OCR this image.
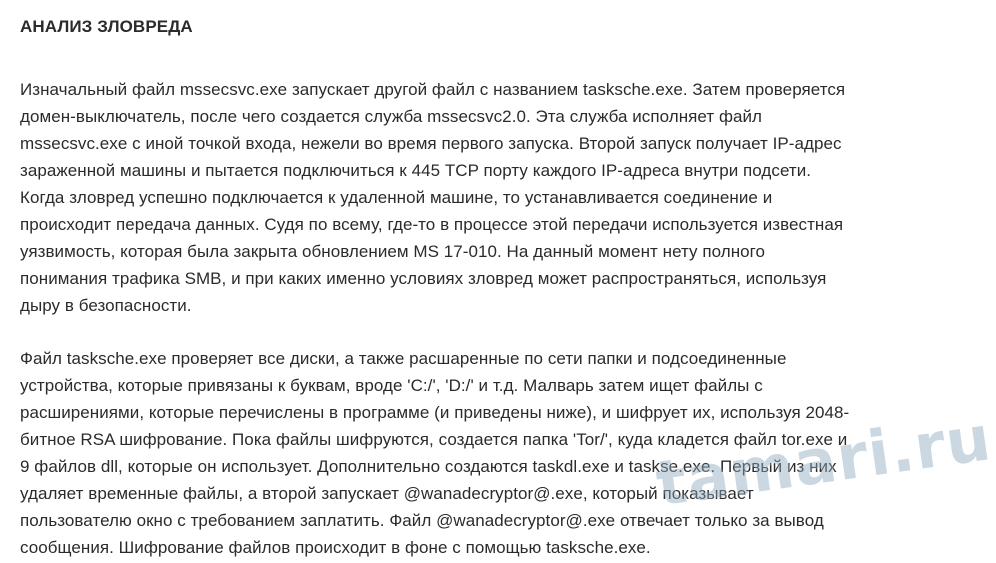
АНАЛИЗ ЗЛОВРЕДА

Изначальный файл mssecsvc.exe запускает другой файл с названием tasksche.exe. Затем проверяется
домен-выключатель, после чего создается служба mssecsvc2.0. Эта служба исполняет файл
mssecsvc.exe с иной точкой входа, нежели во время первого запуска. Второй запуск получает IP-адрес
зараженной машины и пытается подключиться к 445 TCP порту каждого IP-адреса внутри подсети.
Когда зловред успешно подключается к удаленной машине, то устанавливается соединение и
происходит передача данных. Судя по всему, где-то в процессе этой передачи используется известная
уязвимость, которая была закрыта обновлением MS 17-010. На данный момент нету полного
понимания трафика SMB, и при каких именно условиях зловред может распространяться, используя
дыру в безопасности.

Файл tasksche.exe проверяет все диски, а также расшаренные по сети папки и подсоединенные
устройства, которые привязаны к буквам, вроде 'C:/', 'D:/' и т.д. Малварь затем ищет файлы с
расширениями, которые перечислены в программе (и приведены ниже), и шифрует их, используя 2048-
битное RSA шифрование. Пока файлы шифруются, создается папка 'Tor/', куда кладется файл tor.exe и
9 файлов dll, которые он использует. Дополнительно создаются taskdl.exe и taskse.exe. Первый из них
удаляет временные файлы, а второй запускает @wanadecryptor@.exe, который показывает
пользователю окно с требованием заплатить. Файл @wanadecryptor@.exe отвечает только за вывод
сообщения. Шифрование файлов происходит в фоне с помощью tasksche.exe.

tamari.ru
